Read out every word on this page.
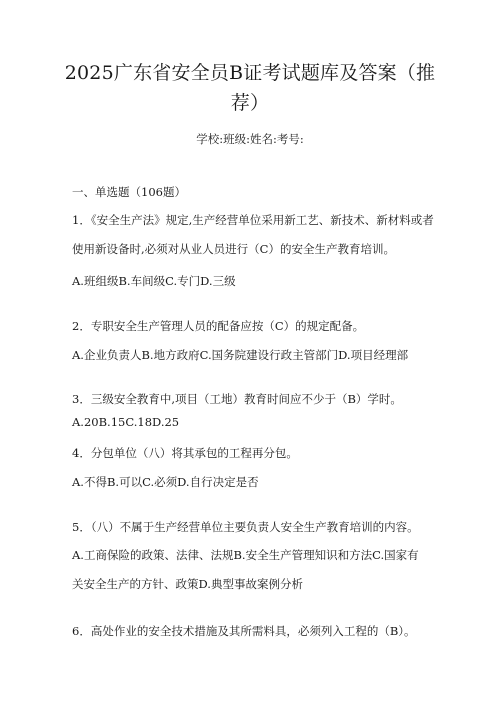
2025广东省安全员B证考试题库及答案（推
荐）
学校:班级:姓名:考号:
一、单选题（106题）
1．《安全生产法》规定,生产经营单位采用新工艺、新技术、新材料或者
使用新设备时,必须对从业人员进行（C）的安全生产教育培训。
A.班组级B.车间级C.专门D.三级
2．专职安全生产管理人员的配备应按（C）的规定配备。
A.企业负责人B.地方政府C.国务院建设行政主管部门D.项目经理部
3．三级安全教育中,项目（工地）教育时间应不少于（B）学时。
A.20B.15C.18D.25
4．分包单位（八）将其承包的工程再分包。
A.不得B.可以C.必须D.自行决定是否
5．（八）不属于生产经营单位主要负责人安全生产教育培训的内容。
A.工商保险的政策、法律、法规B.安全生产管理知识和方法C.国家有
关安全生产的方针、政策D.典型事故案例分析
6．高处作业的安全技术措施及其所需料具，必须列入工程的（B）。
